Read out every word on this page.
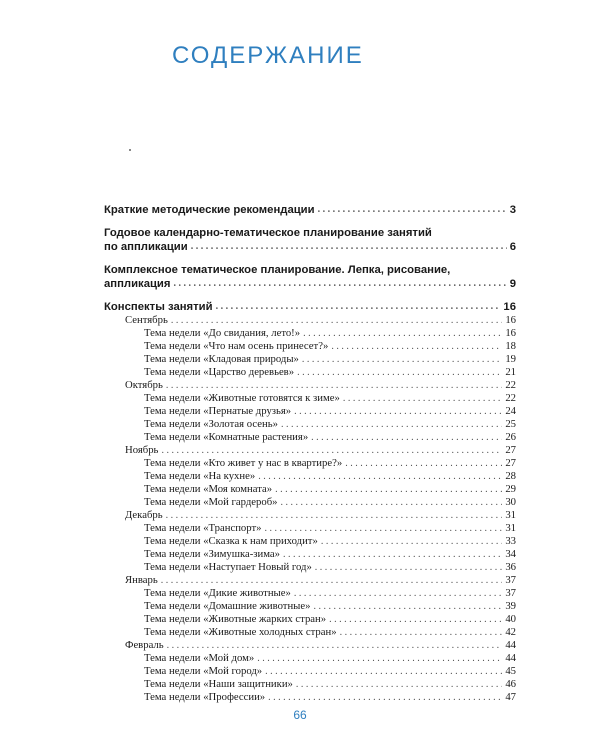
СОДЕРЖАНИЕ
Краткие методические рекомендации . . .	3
Годовое календарно-тематическое планирование занятий
по аппликации . . .	6
Комплексное тематическое планирование. Лепка, рисование,
аппликация . . .	9
Конспекты занятий . . .	16
Сентябрь . . .	16
Тема недели «До свидания, лето!» . . .	16
Тема недели «Что нам осень принесет?» . . .	18
Тема недели «Кладовая природы» . . .	19
Тема недели «Царство деревьев» . . .	21
Октябрь . . .	22
Тема недели «Животные готовятся к зиме» . . .	22
Тема недели «Пернатые друзья» . . .	24
Тема недели «Золотая осень» . . .	25
Тема недели «Комнатные растения» . . .	26
Ноябрь . . .	27
Тема недели «Кто живет у нас в квартире?» . . .	27
Тема недели «На кухне» . . .	28
Тема недели «Моя комната» . . .	29
Тема недели «Мой гардероб» . . .	30
Декабрь . . .	31
Тема недели «Транспорт» . . .	31
Тема недели «Сказка к нам приходит» . . .	33
Тема недели «Зимушка-зима» . . .	34
Тема недели «Наступает Новый год» . . .	36
Январь . . .	37
Тема недели «Дикие животные» . . .	37
Тема недели «Домашние животные» . . .	39
Тема недели «Животные жарких стран» . . .	40
Тема недели «Животные холодных стран» . . .	42
Февраль . . .	44
Тема недели «Мой дом» . . .	44
Тема недели «Мой город» . . .	45
Тема недели «Наши защитники» . . .	46
Тема недели «Профессии» . . .	47
66
